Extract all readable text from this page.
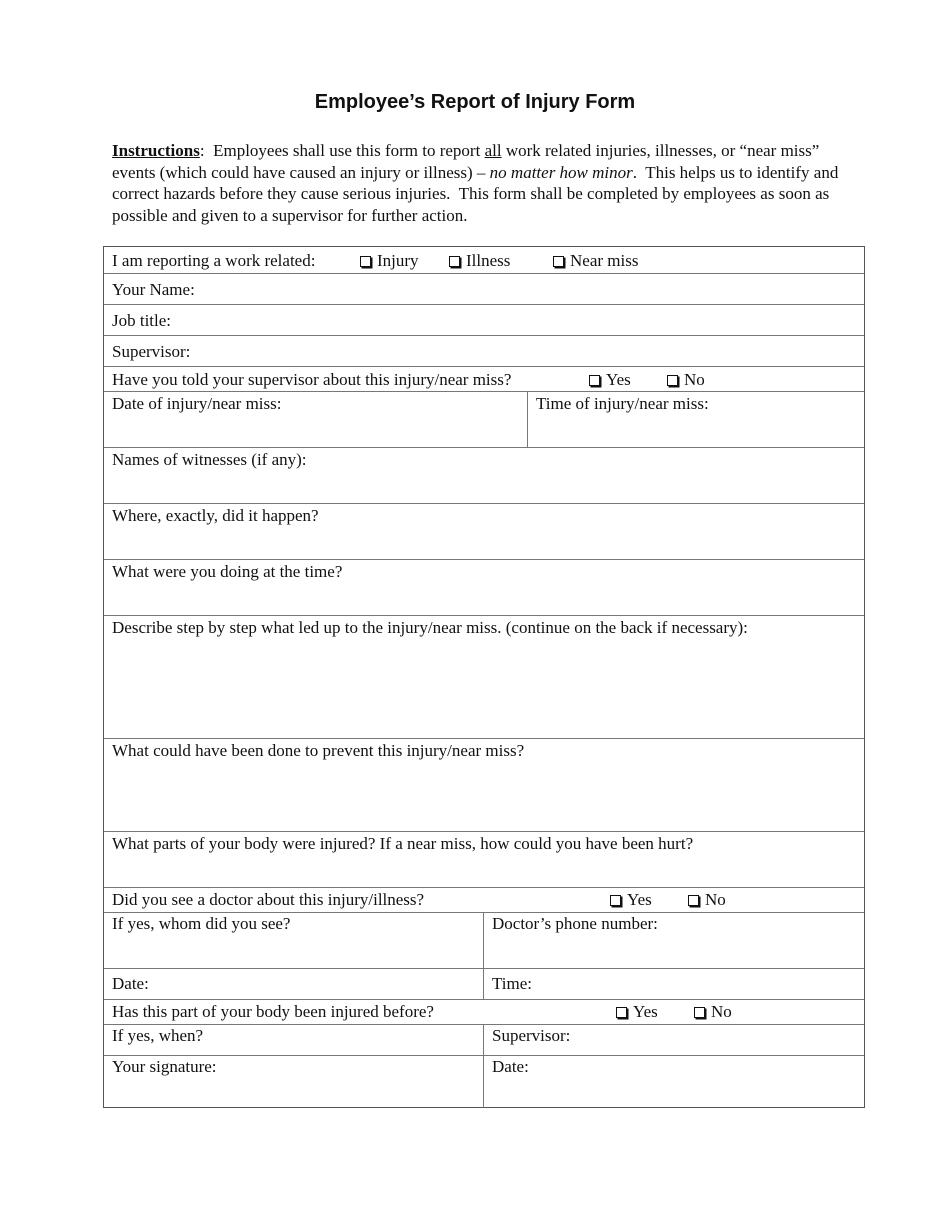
Employee’s Report of Injury Form
Instructions:  Employees shall use this form to report all work related injuries, illnesses, or “near miss” events (which could have caused an injury or illness) – no matter how minor.  This helps us to identify and correct hazards before they cause serious injuries.  This form shall be completed by employees as soon as possible and given to a supervisor for further action.
I am reporting a work related:	Injury	Illness	Near miss
Your Name:
Job title:
Supervisor:
Have you told your supervisor about this injury/near miss?	Yes	No
Date of injury/near miss:	Time of injury/near miss:
Names of witnesses (if any):
Where, exactly, did it happen?
What were you doing at the time?
Describe step by step what led up to the injury/near miss. (continue on the back if necessary):
What could have been done to prevent this injury/near miss?
What parts of your body were injured? If a near miss, how could you have been hurt?
Did you see a doctor about this injury/illness?	Yes	No
If yes, whom did you see?	Doctor’s phone number:
Date:	Time:
Has this part of your body been injured before?	Yes	No
If yes, when?	Supervisor:
Your signature:	Date:
